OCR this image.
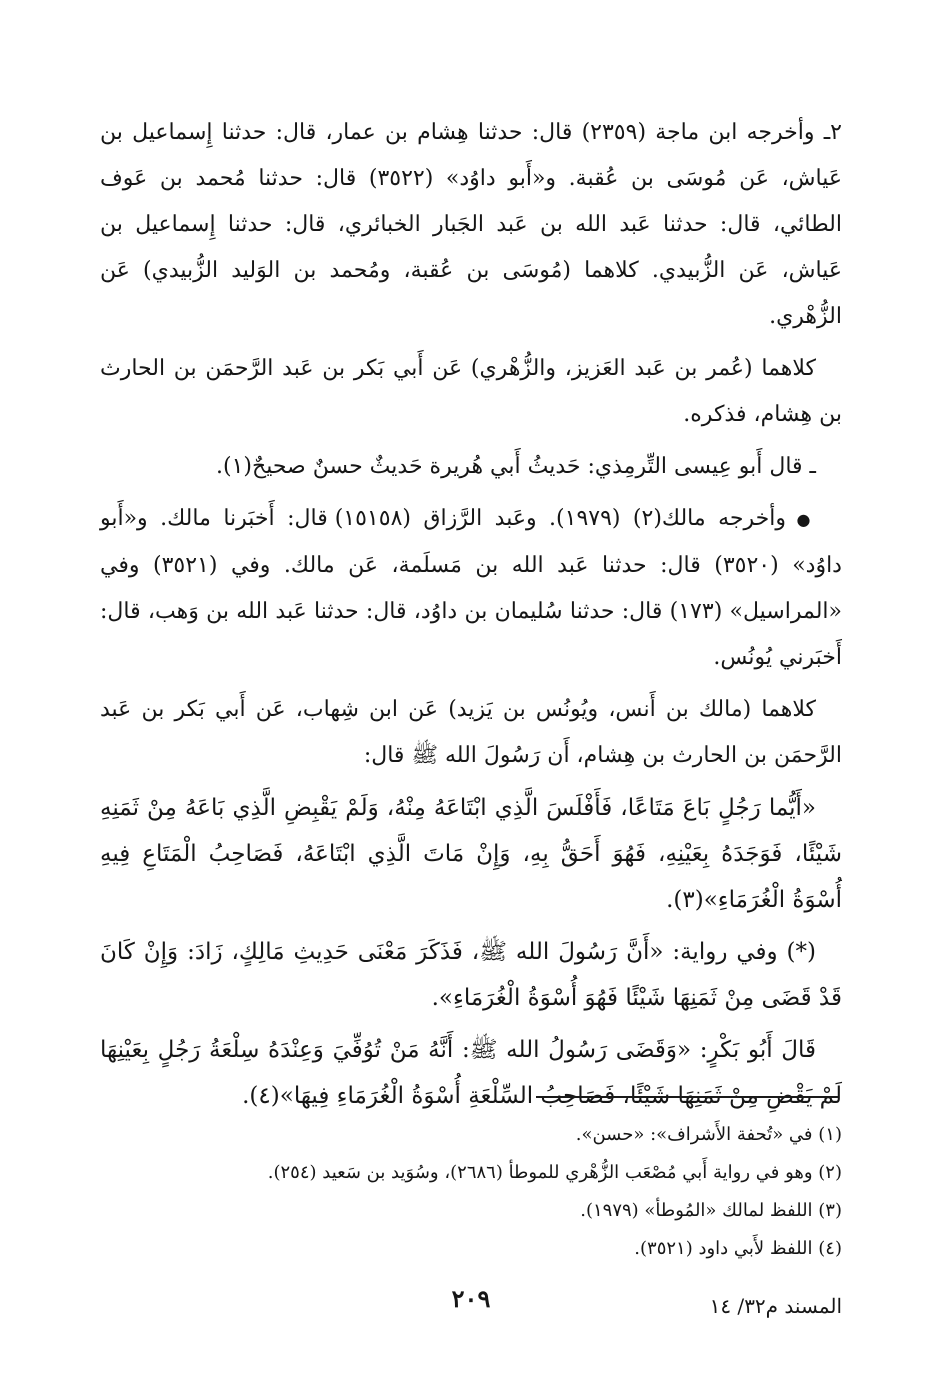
٢ـ وأخرجه ابن ماجة (٢٣٥٩) قال: حدثنا هِشام بن عمار، قال: حدثنا إِسماعيل بن عَياش، عَن مُوسَى بن عُقبة. و«أَبو داوُد» (٣٥٢٢) قال: حدثنا مُحمد بن عَوف الطائي، قال: حدثنا عَبد الله بن عَبد الجَبار الخبائري، قال: حدثنا إِسماعيل بن عَياش، عَن الزُّبيدي. كلاهما (مُوسَى بن عُقبة، ومُحمد بن الوَليد الزُّبيدي) عَن الزُّهْري.

كلاهما (عُمر بن عَبد العَزيز، والزُّهْري) عَن أَبي بَكر بن عَبد الرَّحمَن بن الحارث بن هِشام، فذكره.

ـ قال أَبو عِيسى التِّرمِذي: حَديثُ أَبي هُريرة حَديثٌ حسنٌ صحيحٌ(١).

● وأخرجه مالك(٢) (١٩٧٩). وعَبد الرَّزاق (١٥١٥٨) قال: أَخبَرنا مالك. و«أَبو داوُد» (٣٥٢٠) قال: حدثنا عَبد الله بن مَسلَمة، عَن مالك. وفي (٣٥٢١) وفي «المراسيل» (١٧٣) قال: حدثنا سُليمان بن داوُد، قال: حدثنا عَبد الله بن وَهب، قال: أَخبَرني يُونُس.

كلاهما (مالك بن أَنس، ويُونُس بن يَزيد) عَن ابن شِهاب، عَن أَبي بَكر بن عَبد الرَّحمَن بن الحارث بن هِشام، أَن رَسُولَ الله ﷺ قال:

«أَيُّما رَجُلٍ بَاعَ مَتَاعًا، فَأَفْلَسَ الَّذِي ابْتَاعَهُ مِنْهُ، وَلَمْ يَقْبِضِ الَّذِي بَاعَهُ مِنْ ثَمَنِهِ شَيْئًا، فَوَجَدَهُ بِعَيْنِهِ، فَهُوَ أَحَقُّ بِهِ، وَإِنْ مَاتَ الَّذِي ابْتَاعَهُ، فَصَاحِبُ الْمَتَاعِ فِيهِ أُسْوَةُ الْغُرَمَاءِ»(٣).

(*) وفي رواية: «أَنَّ رَسُولَ الله ﷺ، فَذَكَرَ مَعْنَى حَدِيثِ مَالِكٍ، زَادَ: وَإِنْ كَانَ قَدْ قَضَى مِنْ ثَمَنِهَا شَيْئًا فَهُوَ أُسْوَةُ الْغُرَمَاءِ».

قَالَ أَبُو بَكْرٍ: «وَقَضَى رَسُولُ الله ﷺ: أَنَّهُ مَنْ تُوُفِّيَ وَعِنْدَهُ سِلْعَةُ رَجُلٍ بِعَيْنِهَا لَمْ يَقْضِ مِنْ ثَمَنِهَا شَيْئًا، فَصَاحِبُ السِّلْعَةِ أُسْوَةُ الْغُرَمَاءِ فِيهَا»(٤).

(١) في «تُحفة الأَشراف»: «حسن».

(٢) وهو في رواية أَبي مُصْعَب الزُّهْري للموطأ (٢٦٨٦)، وسُوَيد بن سَعيد (٢٥٤).

(٣) اللفظ لمالك «المُوطأ» (١٩٧٩).

(٤) اللفظ لأَبي داود (٣٥٢١).

المسند م٣٢/ ١٤
٢٠٩
